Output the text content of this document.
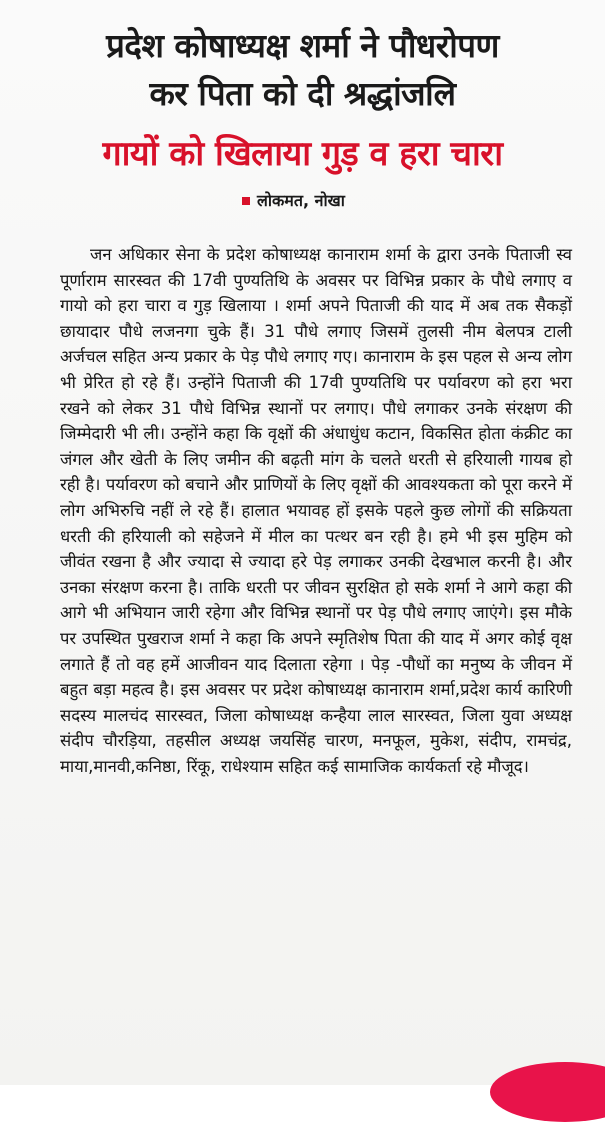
प्रदेश कोषाध्यक्ष शर्मा ने पौधरोपण
कर पिता को दी श्रद्धांजलि
गायों को खिलाया गुड़ व हरा चारा
लोकमत, नोखा

जन अधिकार सेना के प्रदेश कोषाध्यक्ष कानाराम शर्मा के द्वारा उनके पिताजी स्व पूर्णाराम सारस्वत की 17वी पुण्यतिथि के अवसर पर विभिन्न प्रकार के पौधे लगाए व गायो को हरा चारा व गुड़ खिलाया । शर्मा अपने पिताजी की याद में अब तक सैकड़ों छायादार पौधे लजनगा चुके हैं। 31 पौधे लगाए जिसमें तुलसी नीम बेलपत्र टाली अर्जचल सहित अन्य प्रकार के पेड़ पौधे लगाए गए। कानाराम के इस पहल से अन्य लोग भी प्रेरित हो रहे हैं। उन्होंने पिताजी की 17वी पुण्यतिथि पर पर्यावरण को हरा भरा रखने को लेकर 31 पौधे विभिन्न स्थानों पर लगाए। पौधे लगाकर उनके संरक्षण की जिम्मेदारी भी ली। उन्होंने कहा कि वृक्षों की अंधाधुंध कटान, विकसित होता कंक्रीट का जंगल और खेती के लिए जमीन की बढ़ती मांग के चलते धरती से हरियाली गायब हो रही है। पर्यावरण को बचाने और प्राणियों के लिए वृक्षों की आवश्यकता को पूरा करने में लोग अभिरुचि नहीं ले रहे हैं। हालात भयावह हों इसके पहले कुछ लोगों की सक्रियता धरती की हरियाली को सहेजने में मील का पत्थर बन रही है। हमे भी इस मुहिम को जीवंत रखना है और ज्यादा से ज्यादा हरे पेड़ लगाकर उनकी देखभाल करनी है। और उनका संरक्षण करना है। ताकि धरती पर जीवन सुरक्षित हो सके शर्मा ने आगे कहा की आगे भी अभियान जारी रहेगा और विभिन्न स्थानों पर पेड़ पौधे लगाए जाएंगे। इस मौके पर उपस्थित पुखराज शर्मा ने कहा कि अपने स्मृतिशेष पिता की याद में अगर कोई वृक्ष लगाते हैं तो वह हमें आजीवन याद दिलाता रहेगा । पेड़ -पौधों का मनुष्य के जीवन में बहुत बड़ा महत्व है। इस अवसर पर प्रदेश कोषाध्यक्ष कानाराम शर्मा,प्रदेश कार्य कारिणी सदस्य मालचंद सारस्वत, जिला कोषाध्यक्ष कन्हैया लाल सारस्वत, जिला युवा अध्यक्ष संदीप चौरड़िया, तहसील अध्यक्ष जयसिंह चारण, मनफूल, मुकेश, संदीप, रामचंद्र, माया,मानवी,कनिष्ठा, रिंकू, राधेश्याम सहित कई सामाजिक कार्यकर्ता रहे मौजूद।
